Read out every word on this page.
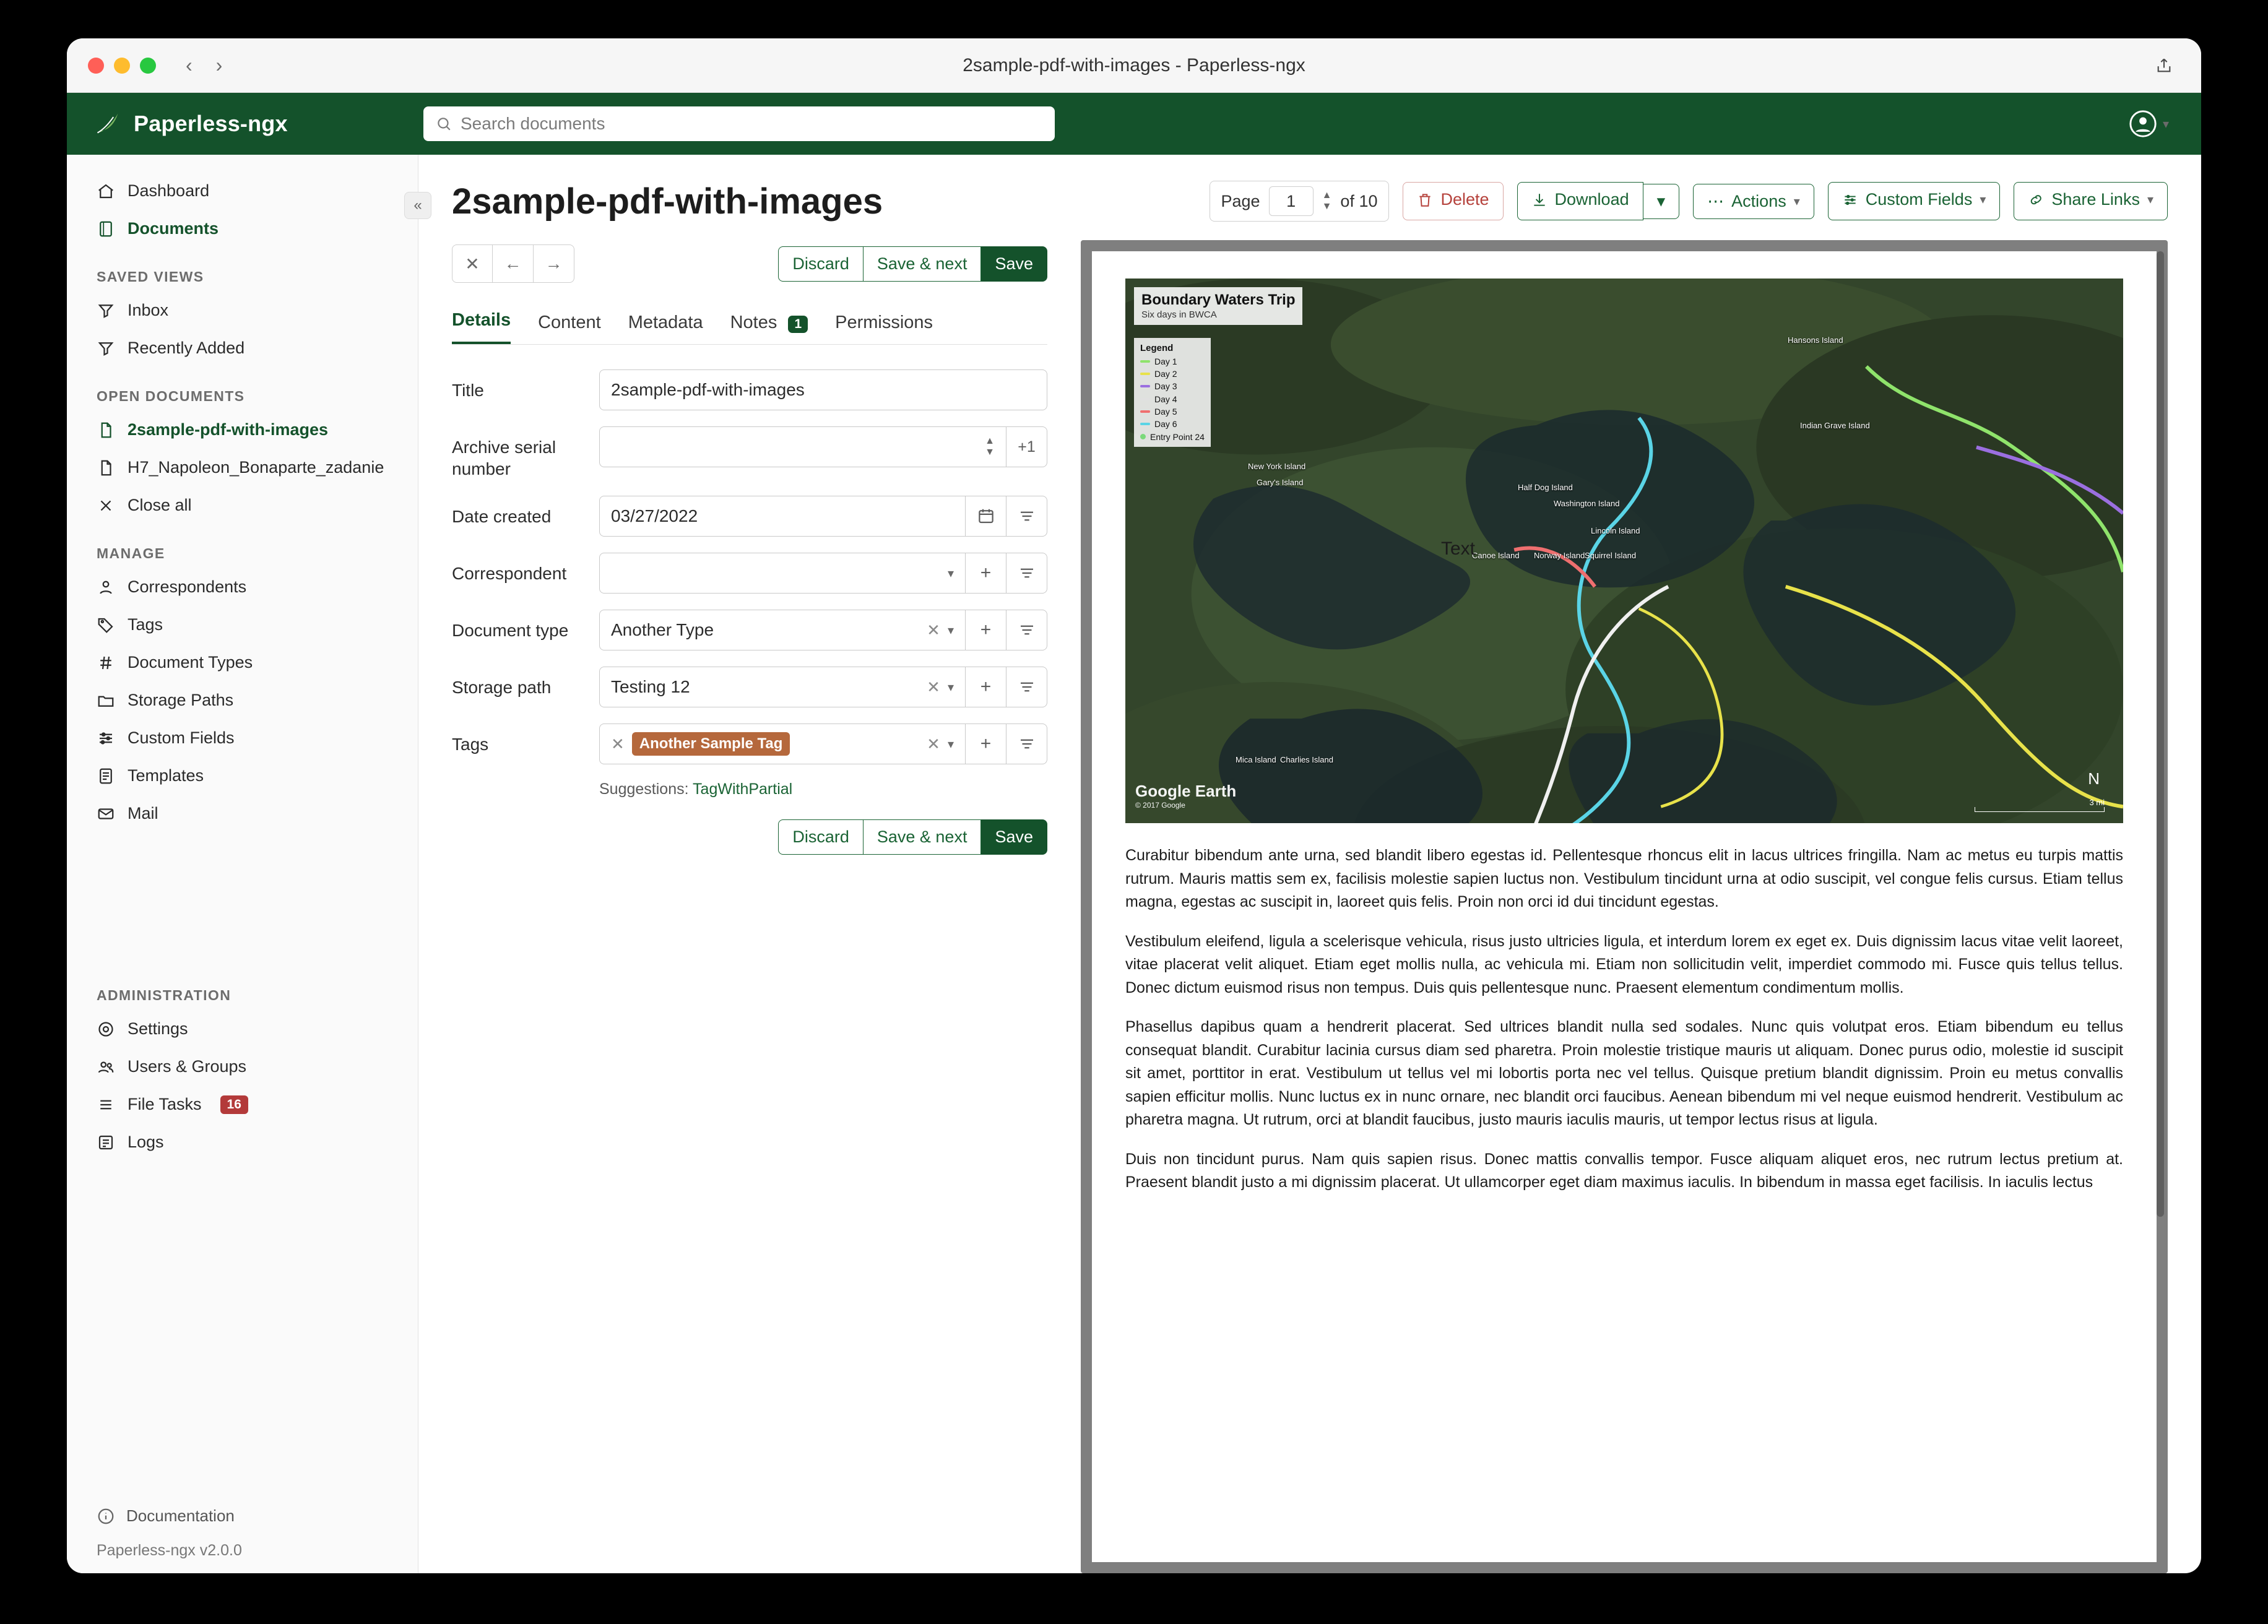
‹ ›	2sample-pdf-with-images - Paperless-ngx
Paperless-ngx	Search documents	▾
«
Dashboard
Documents
SAVED VIEWS
Inbox
Recently Added
OPEN DOCUMENTS
2sample-pdf-with-images
H7_Napoleon_Bonaparte_zadanie
Close all
MANAGE
Correspondents
Tags
Document Types
Storage Paths
Custom Fields
Templates
Mail
ADMINISTRATION
Settings
Users & Groups
File Tasks	16
Logs
Documentation
Paperless-ngx v2.0.0
2sample-pdf-with-images
✕	←	→	Discard	Save & next	Save
Details Content Metadata Notes 1	Permissions
Title	2sample-pdf-with-images
Archive serial number
▲
▼	+1
Date created	03/27/2022
Correspondent	▾	+
Document type	Another Type	✕ ▾	+
Storage path	Testing 12	✕ ▾	+
Tags	✕	Another Sample Tag	✕ ▾	+
Suggestions: TagWithPartial
Discard	Save & next	Save
Page	1	▲
▼ of 10	Delete	Download	▾	⋯ Actions ▾	Custom Fields ▾	Share Links ▾
Boundary Waters Trip
Six days in BWCA
Legend
Day 1
Day 2
Day 3
Day 4
Day 5
Day 6
Entry Point 24
Hansons Island
Indian Grave Island
New York Island
Gary's Island
Half Dog Island
Washington Island
Lincoln Island
Canoe Island Norway Island Squirrel Island
Mica Island Charlies Island
Text
Google Earth
© 2017 Google
N
3 mi

Curabitur bibendum ante urna, sed blandit libero egestas id. Pellentesque rhoncus elit in lacus ultrices fringilla. Nam ac metus eu turpis mattis rutrum. Mauris mattis sem ex, facilisis molestie sapien luctus non. Vestibulum tincidunt urna at odio suscipit, vel congue felis cursus. Etiam tellus magna, egestas ac suscipit in, laoreet quis felis. Proin non orci id dui tincidunt egestas.

Vestibulum eleifend, ligula a scelerisque vehicula, risus justo ultricies ligula, et interdum lorem ex eget ex. Duis dignissim lacus vitae velit laoreet, vitae placerat velit aliquet. Etiam eget mollis nulla, ac vehicula mi. Etiam non sollicitudin velit, imperdiet commodo mi. Fusce quis tellus tellus. Donec dictum euismod risus non tempus. Duis quis pellentesque nunc. Praesent elementum condimentum mollis.

Phasellus dapibus quam a hendrerit placerat. Sed ultrices blandit nulla sed sodales. Nunc quis volutpat eros. Etiam bibendum eu tellus consequat blandit. Curabitur lacinia cursus diam sed pharetra. Proin molestie tristique mauris ut aliquam. Donec purus odio, molestie id suscipit sit amet, porttitor in erat. Vestibulum ut tellus vel mi lobortis porta nec vel tellus. Quisque pretium blandit dignissim. Proin eu metus convallis sapien efficitur mollis. Nunc luctus ex in nunc ornare, nec blandit orci faucibus. Aenean bibendum mi vel neque euismod hendrerit. Vestibulum ac pharetra magna. Ut rutrum, orci at blandit faucibus, justo mauris iaculis mauris, ut tempor lectus risus at ligula.

Duis non tincidunt purus. Nam quis sapien risus. Donec mattis convallis tempor. Fusce aliquam aliquet eros, nec rutrum lectus pretium at. Praesent blandit justo a mi dignissim placerat. Ut ullamcorper eget diam maximus iaculis. In bibendum in massa eget facilisis. In iaculis lectus
